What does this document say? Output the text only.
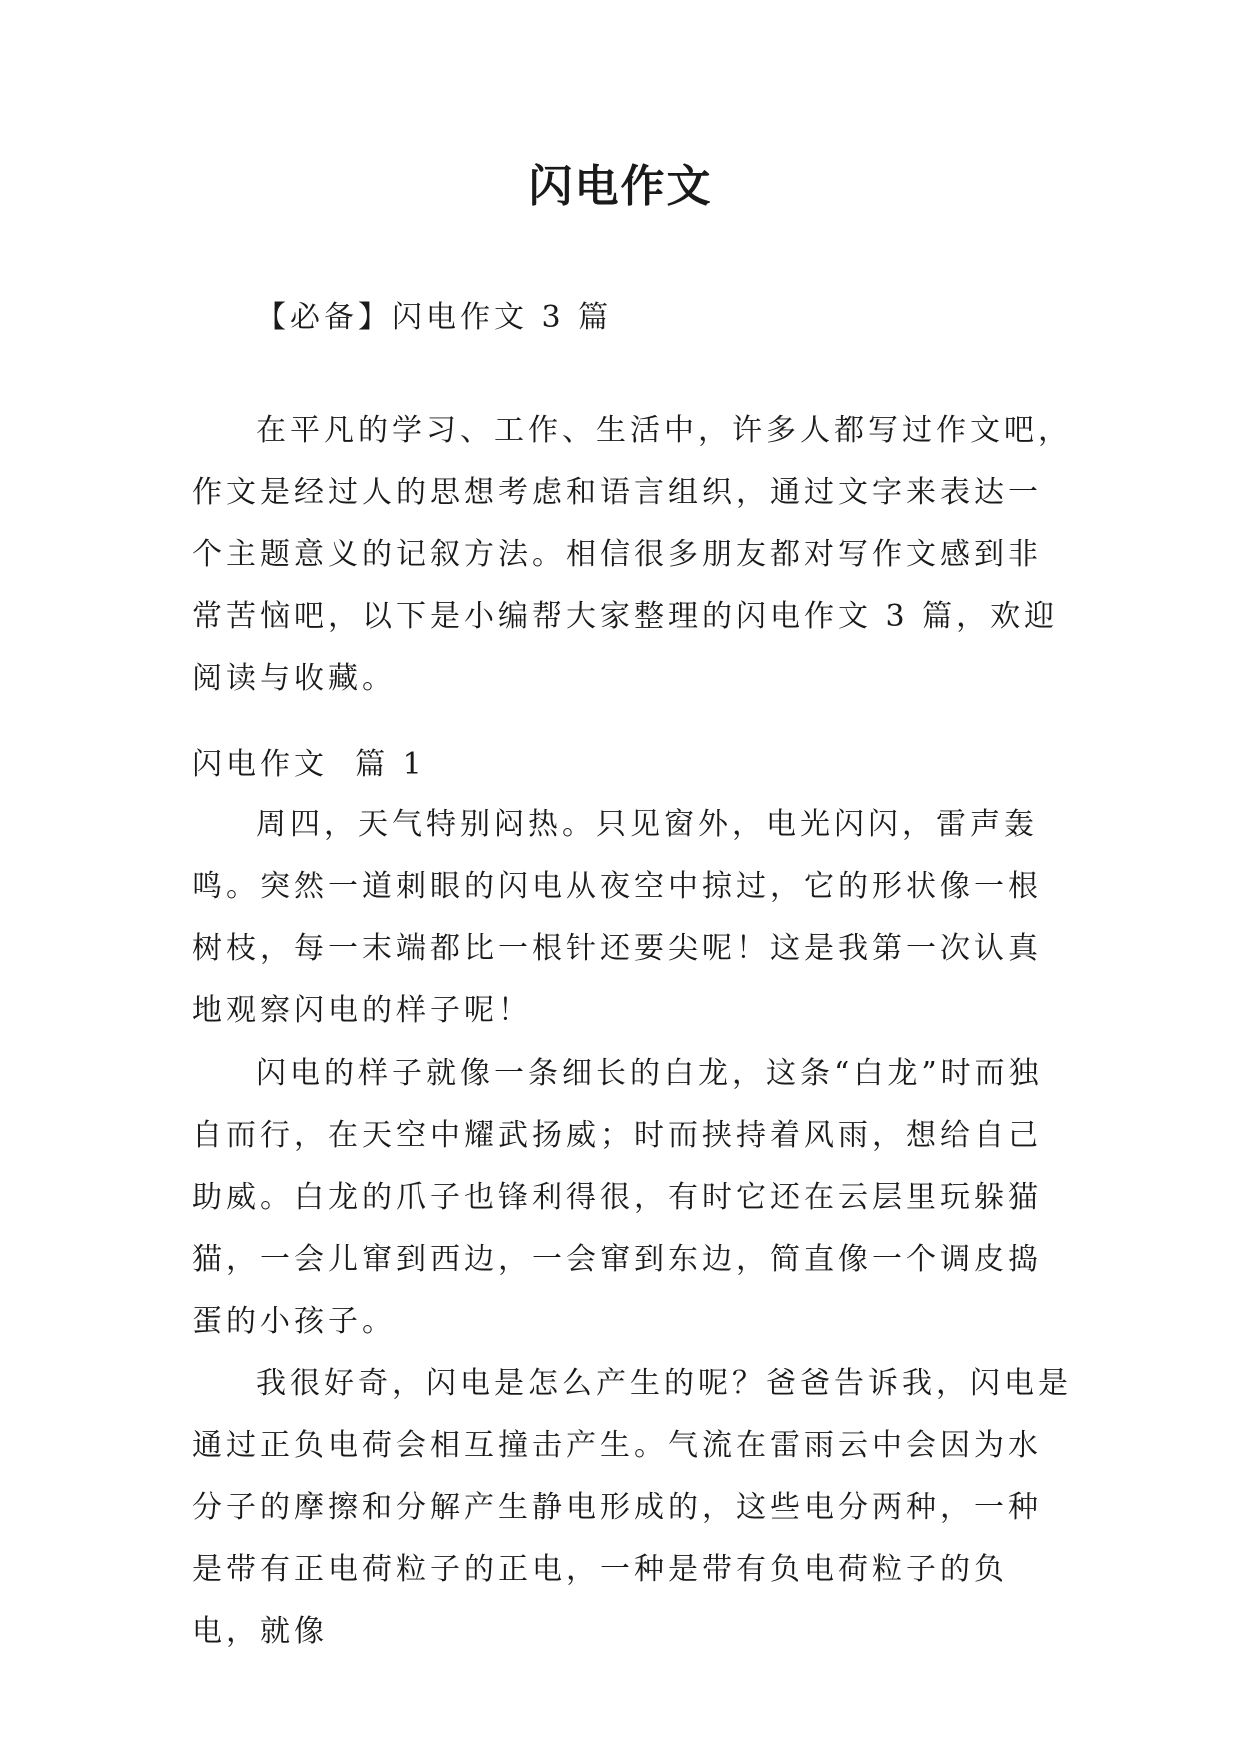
闪电作文

【必备】闪电作文 3 篇

在平凡的学习、工作、生活中，许多人都写过作文吧，作文是经过人的思想考虑和语言组织，通过文字来表达一个主题意义的记叙方法。相信很多朋友都对写作文感到非常苦恼吧，以下是小编帮大家整理的闪电作文 3 篇，欢迎阅读与收藏。

闪电作文  篇 1

周四，天气特别闷热。只见窗外，电光闪闪，雷声轰鸣。突然一道刺眼的闪电从夜空中掠过，它的形状像一根树枝，每一末端都比一根针还要尖呢！这是我第一次认真地观察闪电的样子呢！

闪电的样子就像一条细长的白龙，这条“白龙”时而独自而行，在天空中耀武扬威；时而挟持着风雨，想给自己助威。白龙的爪子也锋利得很，有时它还在云层里玩躲猫猫，一会儿窜到西边，一会窜到东边，简直像一个调皮捣蛋的小孩子。

我很好奇，闪电是怎么产生的呢？爸爸告诉我，闪电是通过正负电荷会相互撞击产生。气流在雷雨云中会因为水分子的摩擦和分解产生静电形成的，这些电分两种，一种是带有正电荷粒子的正电，一种是带有负电荷粒子的负电，就像
